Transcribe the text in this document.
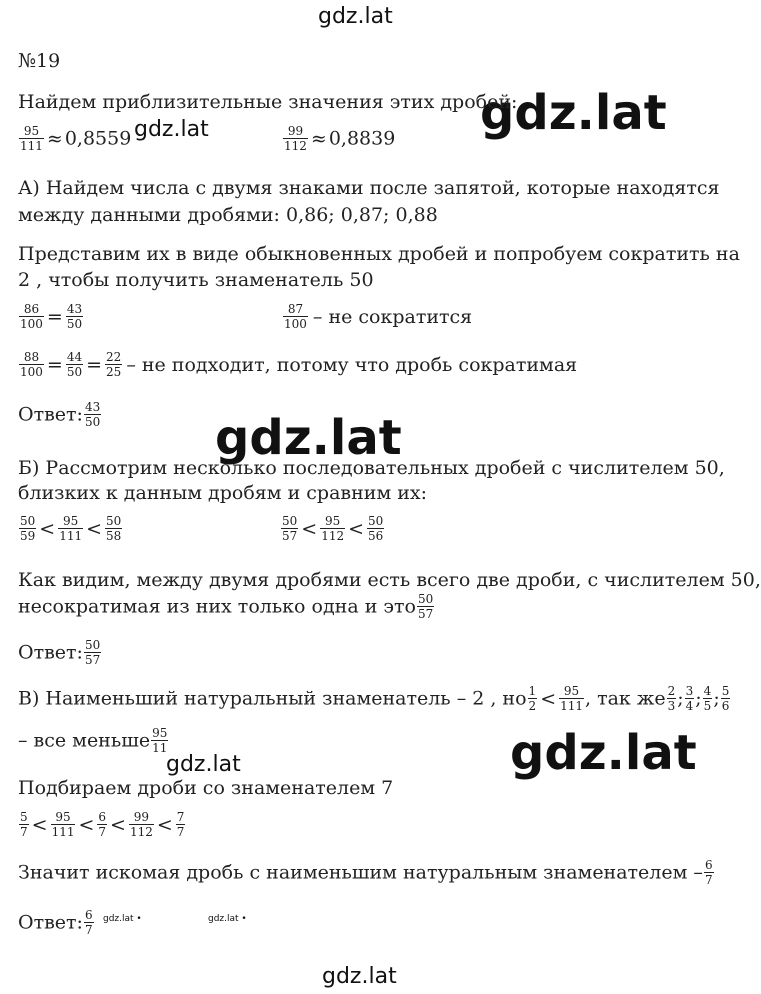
gdz.lat
gdz.lat
gdz.lat
gdz.lat
gdz.lat
gdz.lat
gdz.lat •	gdz.lat •
gdz.lat
№19
Найдем приблизительные значения этих дробей:
$\frac{95}{111} \approx 0,8559$	$\frac{99}{112} \approx 0,8839$
А) Найдем числа с двумя знаками после запятой, которые находятся
между данными дробями: 0,86; 0,87; 0,88
Представим их в виде обыкновенных дробей и попробуем сократить на
2 , чтобы получить знаменатель 50
$\frac{86}{100} = \frac{43}{50}$	$\frac{87}{100}$ – не сократится
$\frac{88}{100} = \frac{44}{50} = \frac{22}{25}$ – не подходит, потому что дробь сократимая
Ответ: $\frac{43}{50}$
Б) Рассмотрим несколько последовательных дробей с числителем 50,
близких к данным дробям и сравним их:
$\frac{50}{59} < \frac{95}{111} < \frac{50}{58}$	$\frac{50}{57} < \frac{95}{112} < \frac{50}{56}$
Как видим, между двумя дробями есть всего две дроби, с числителем 50,
несократимая из них только одна и это $\frac{50}{57}$
Ответ: $\frac{50}{57}$
В) Наименьший натуральный знаменатель – 2 , но $\frac{1}{2} < \frac{95}{111}$ , так же $\frac{2}{3}$ ; $\frac{3}{4}$ ; $\frac{4}{5}$ ; $\frac{5}{6}$
– все меньше $\frac{95}{11}$
Подбираем дроби со знаменателем 7
$\frac{5}{7} < \frac{95}{111} < \frac{6}{7} < \frac{99}{112} < \frac{7}{7}$
Значит искомая дробь с наименьшим натуральным знаменателем – $\frac{6}{7}$
Ответ: $\frac{6}{7}$
